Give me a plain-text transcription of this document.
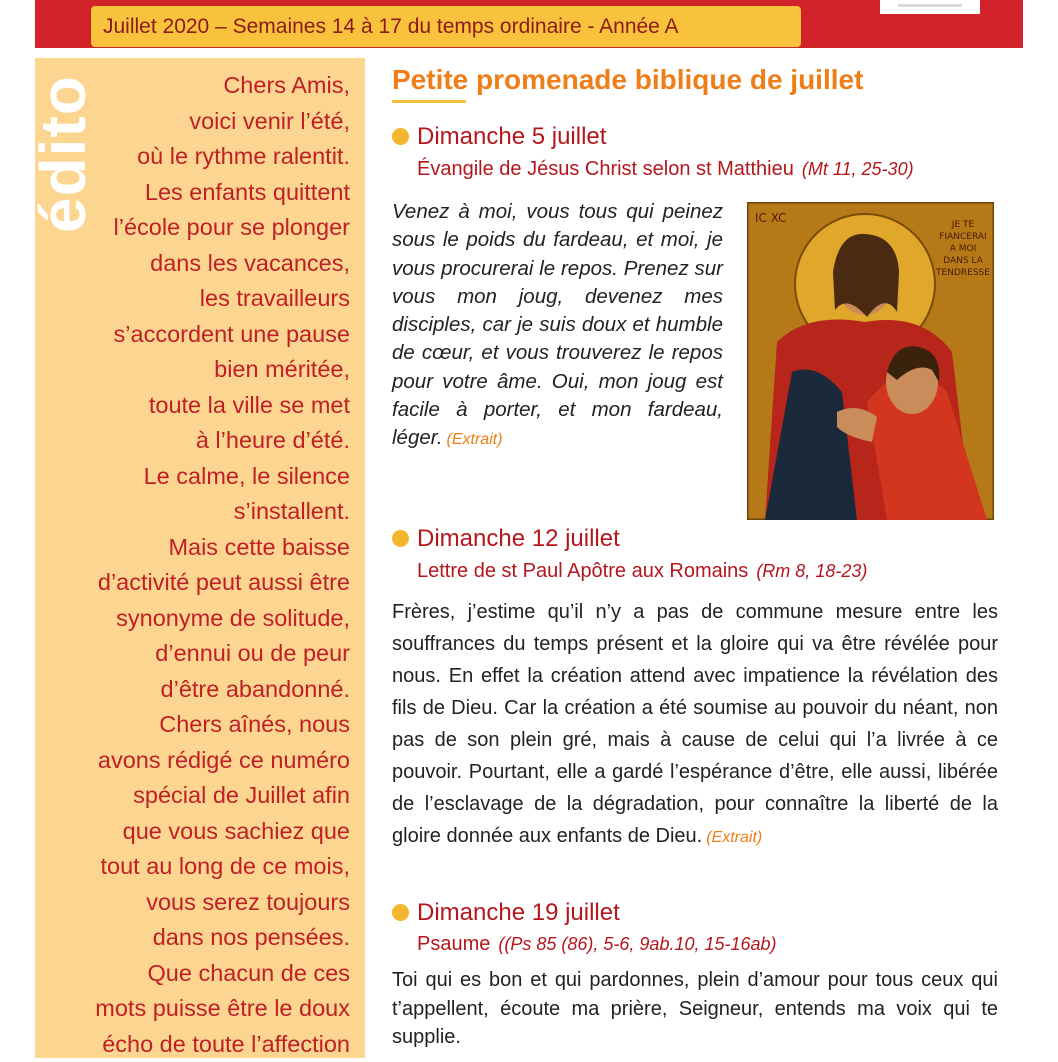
Juillet 2020 – Semaines 14 à 17 du temps ordinaire - Année A
édito	Chers Amis,
voici venir l’été,
où le rythme ralentit.
Les enfants quittent
l’école pour se plonger
dans les vacances,
les travailleurs
s’accordent une pause
bien méritée,
toute la ville se met
à l’heure d’été.
Le calme, le silence
s’installent.
Mais cette baisse
d’activité peut aussi être
synonyme de solitude,
d’ennui ou de peur
d’être abandonné.
Chers aînés, nous
avons rédigé ce numéro
spécial de Juillet afin
que vous sachiez que
tout au long de ce mois,
vous serez toujours
dans nos pensées.
Que chacun de ces
mots puisse être le doux
écho de toute l’affection
Petite promenade biblique de juillet
Dimanche 5 juillet
Évangile de Jésus Christ selon st Matthieu (Mt 11, 25-30)
Venez à moi, vous tous qui peinez sous le poids du fardeau, et moi, je vous procurerai le repos. Prenez sur vous mon joug, devenez mes disciples, car je suis doux et humble de cœur, et vous trouverez le repos pour votre âme. Oui, mon joug est facile à porter, et mon fardeau, léger. (Extrait)
IC XC	JE TE
FIANCERAI
A MOI
DANS LA
TENDRESSE
Dimanche 12 juillet
Lettre de st Paul Apôtre aux Romains (Rm 8, 18-23)
Frères, j’estime qu’il n’y a pas de commune mesure entre les souffrances du temps présent et la gloire qui va être révélée pour nous. En effet la création attend avec impatience la révélation des fils de Dieu. Car la création a été soumise au pouvoir du néant, non pas de son plein gré, mais à cause de celui qui l’a livrée à ce pouvoir. Pourtant, elle a gardé l’espérance d’être, elle aussi, libérée de l’esclavage de la dégradation, pour connaître la liberté de la gloire donnée aux enfants de Dieu. (Extrait)
Dimanche 19 juillet
Psaume ((Ps 85 (86), 5-6, 9ab.10, 15-16ab)
Toi qui es bon et qui pardonnes, plein d’amour pour tous ceux qui t’appellent, écoute ma prière, Seigneur, entends ma voix qui te supplie.
